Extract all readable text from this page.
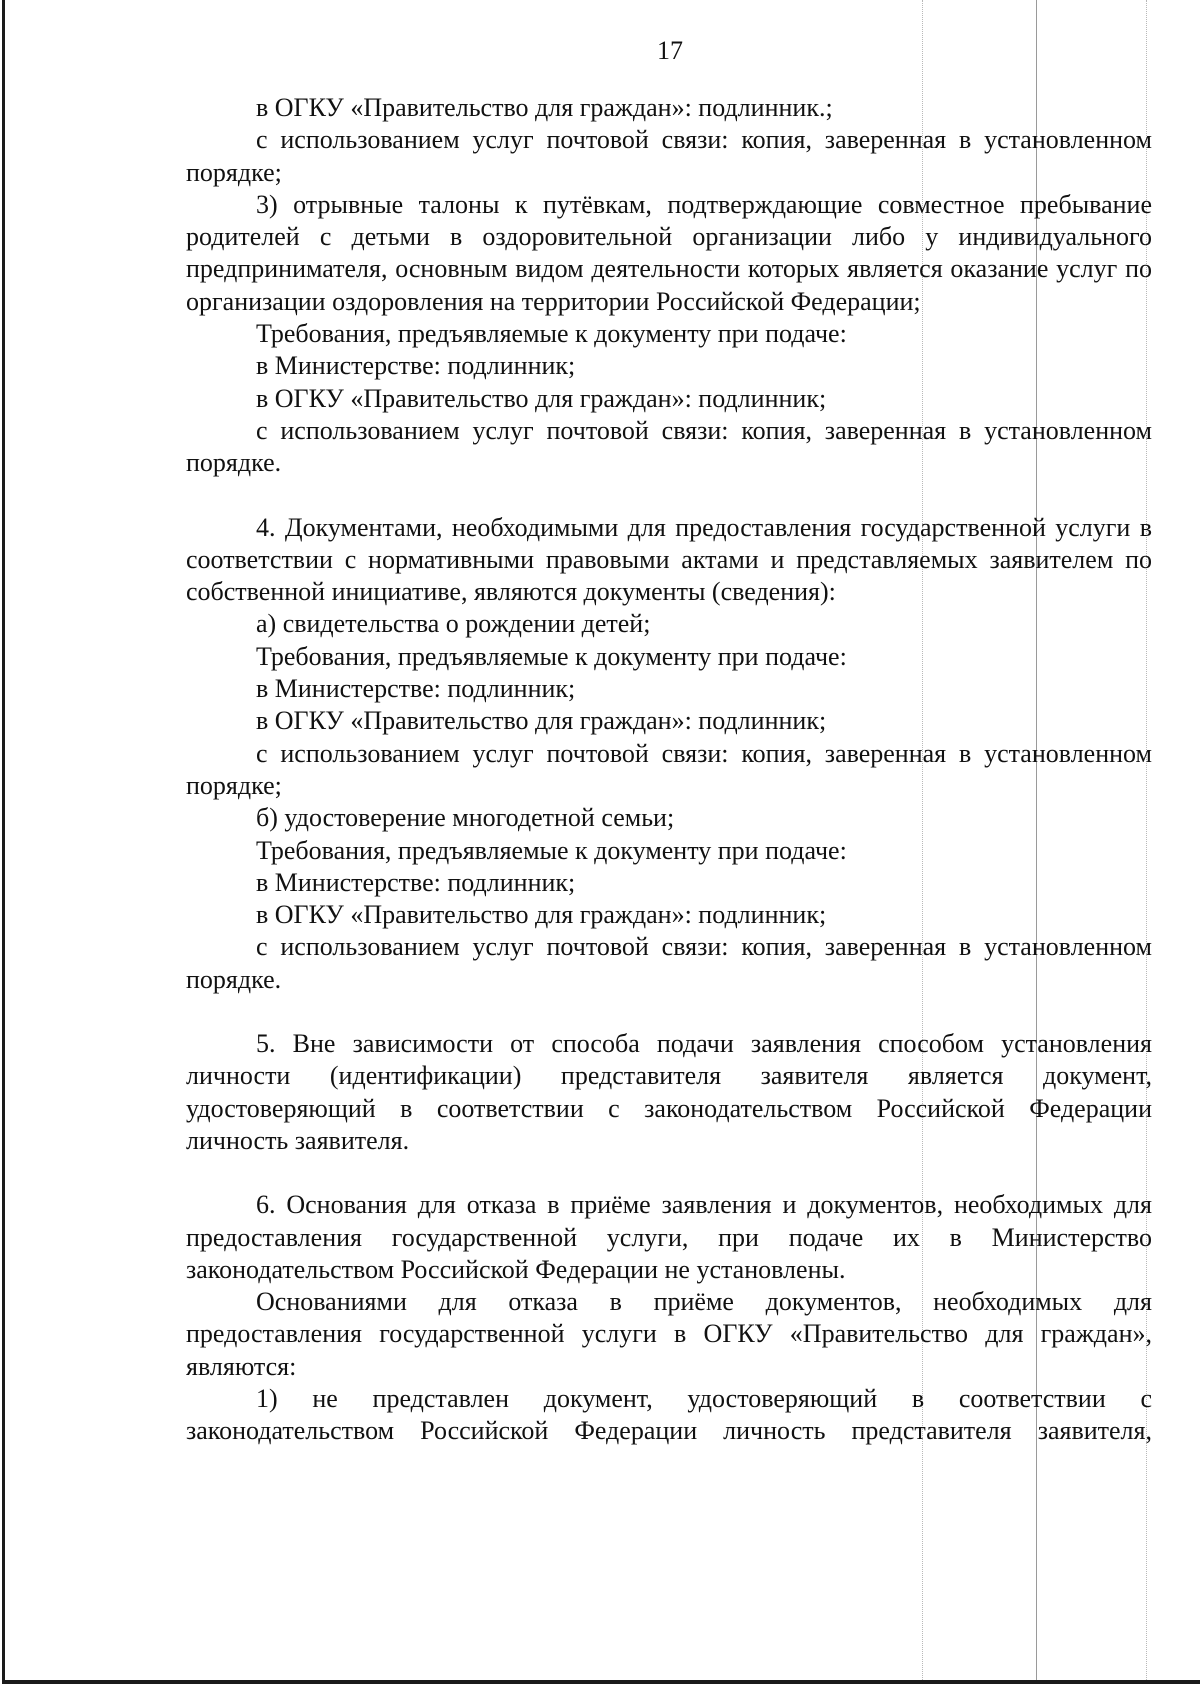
17

в ОГКУ «Правительство для граждан»: подлинник.;

с использованием услуг почтовой связи: копия, заверенная в установленном порядке;

3) отрывные талоны к путёвкам, подтверждающие совместное пребывание родителей с детьми в оздоровительной организации либо у индивидуального предпринимателя, основным видом деятельности которых является оказание услуг по организации оздоровления на территории Российской Федерации;

Требования, предъявляемые к документу при подаче:

в Министерстве: подлинник;

в ОГКУ «Правительство для граждан»: подлинник;

с использованием услуг почтовой связи: копия, заверенная в установленном порядке.

4. Документами, необходимыми для предоставления государственной услуги в соответствии с нормативными правовыми актами и представляемых заявителем по собственной инициативе, являются документы (сведения):

а) свидетельства о рождении детей;

Требования, предъявляемые к документу при подаче:

в Министерстве: подлинник;

в ОГКУ «Правительство для граждан»: подлинник;

с использованием услуг почтовой связи: копия, заверенная в установленном порядке;

б) удостоверение многодетной семьи;

Требования, предъявляемые к документу при подаче:

в Министерстве: подлинник;

в ОГКУ «Правительство для граждан»: подлинник;

с использованием услуг почтовой связи: копия, заверенная в установленном порядке.

5. Вне зависимости от способа подачи заявления способом установления личности (идентификации) представителя заявителя является документ, удостоверяющий в соответствии с законодательством Российской Федерации личность заявителя.

6. Основания для отказа в приёме заявления и документов, необходимых для предоставления государственной услуги, при подаче их в Министерство законодательством Российской Федерации не установлены.

Основаниями для отказа в приёме документов, необходимых для предоставления государственной услуги в ОГКУ «Правительство для граждан», являются:

1) не представлен документ, удостоверяющий в соответствии с законодательством Российской Федерации личность представителя заявителя,
